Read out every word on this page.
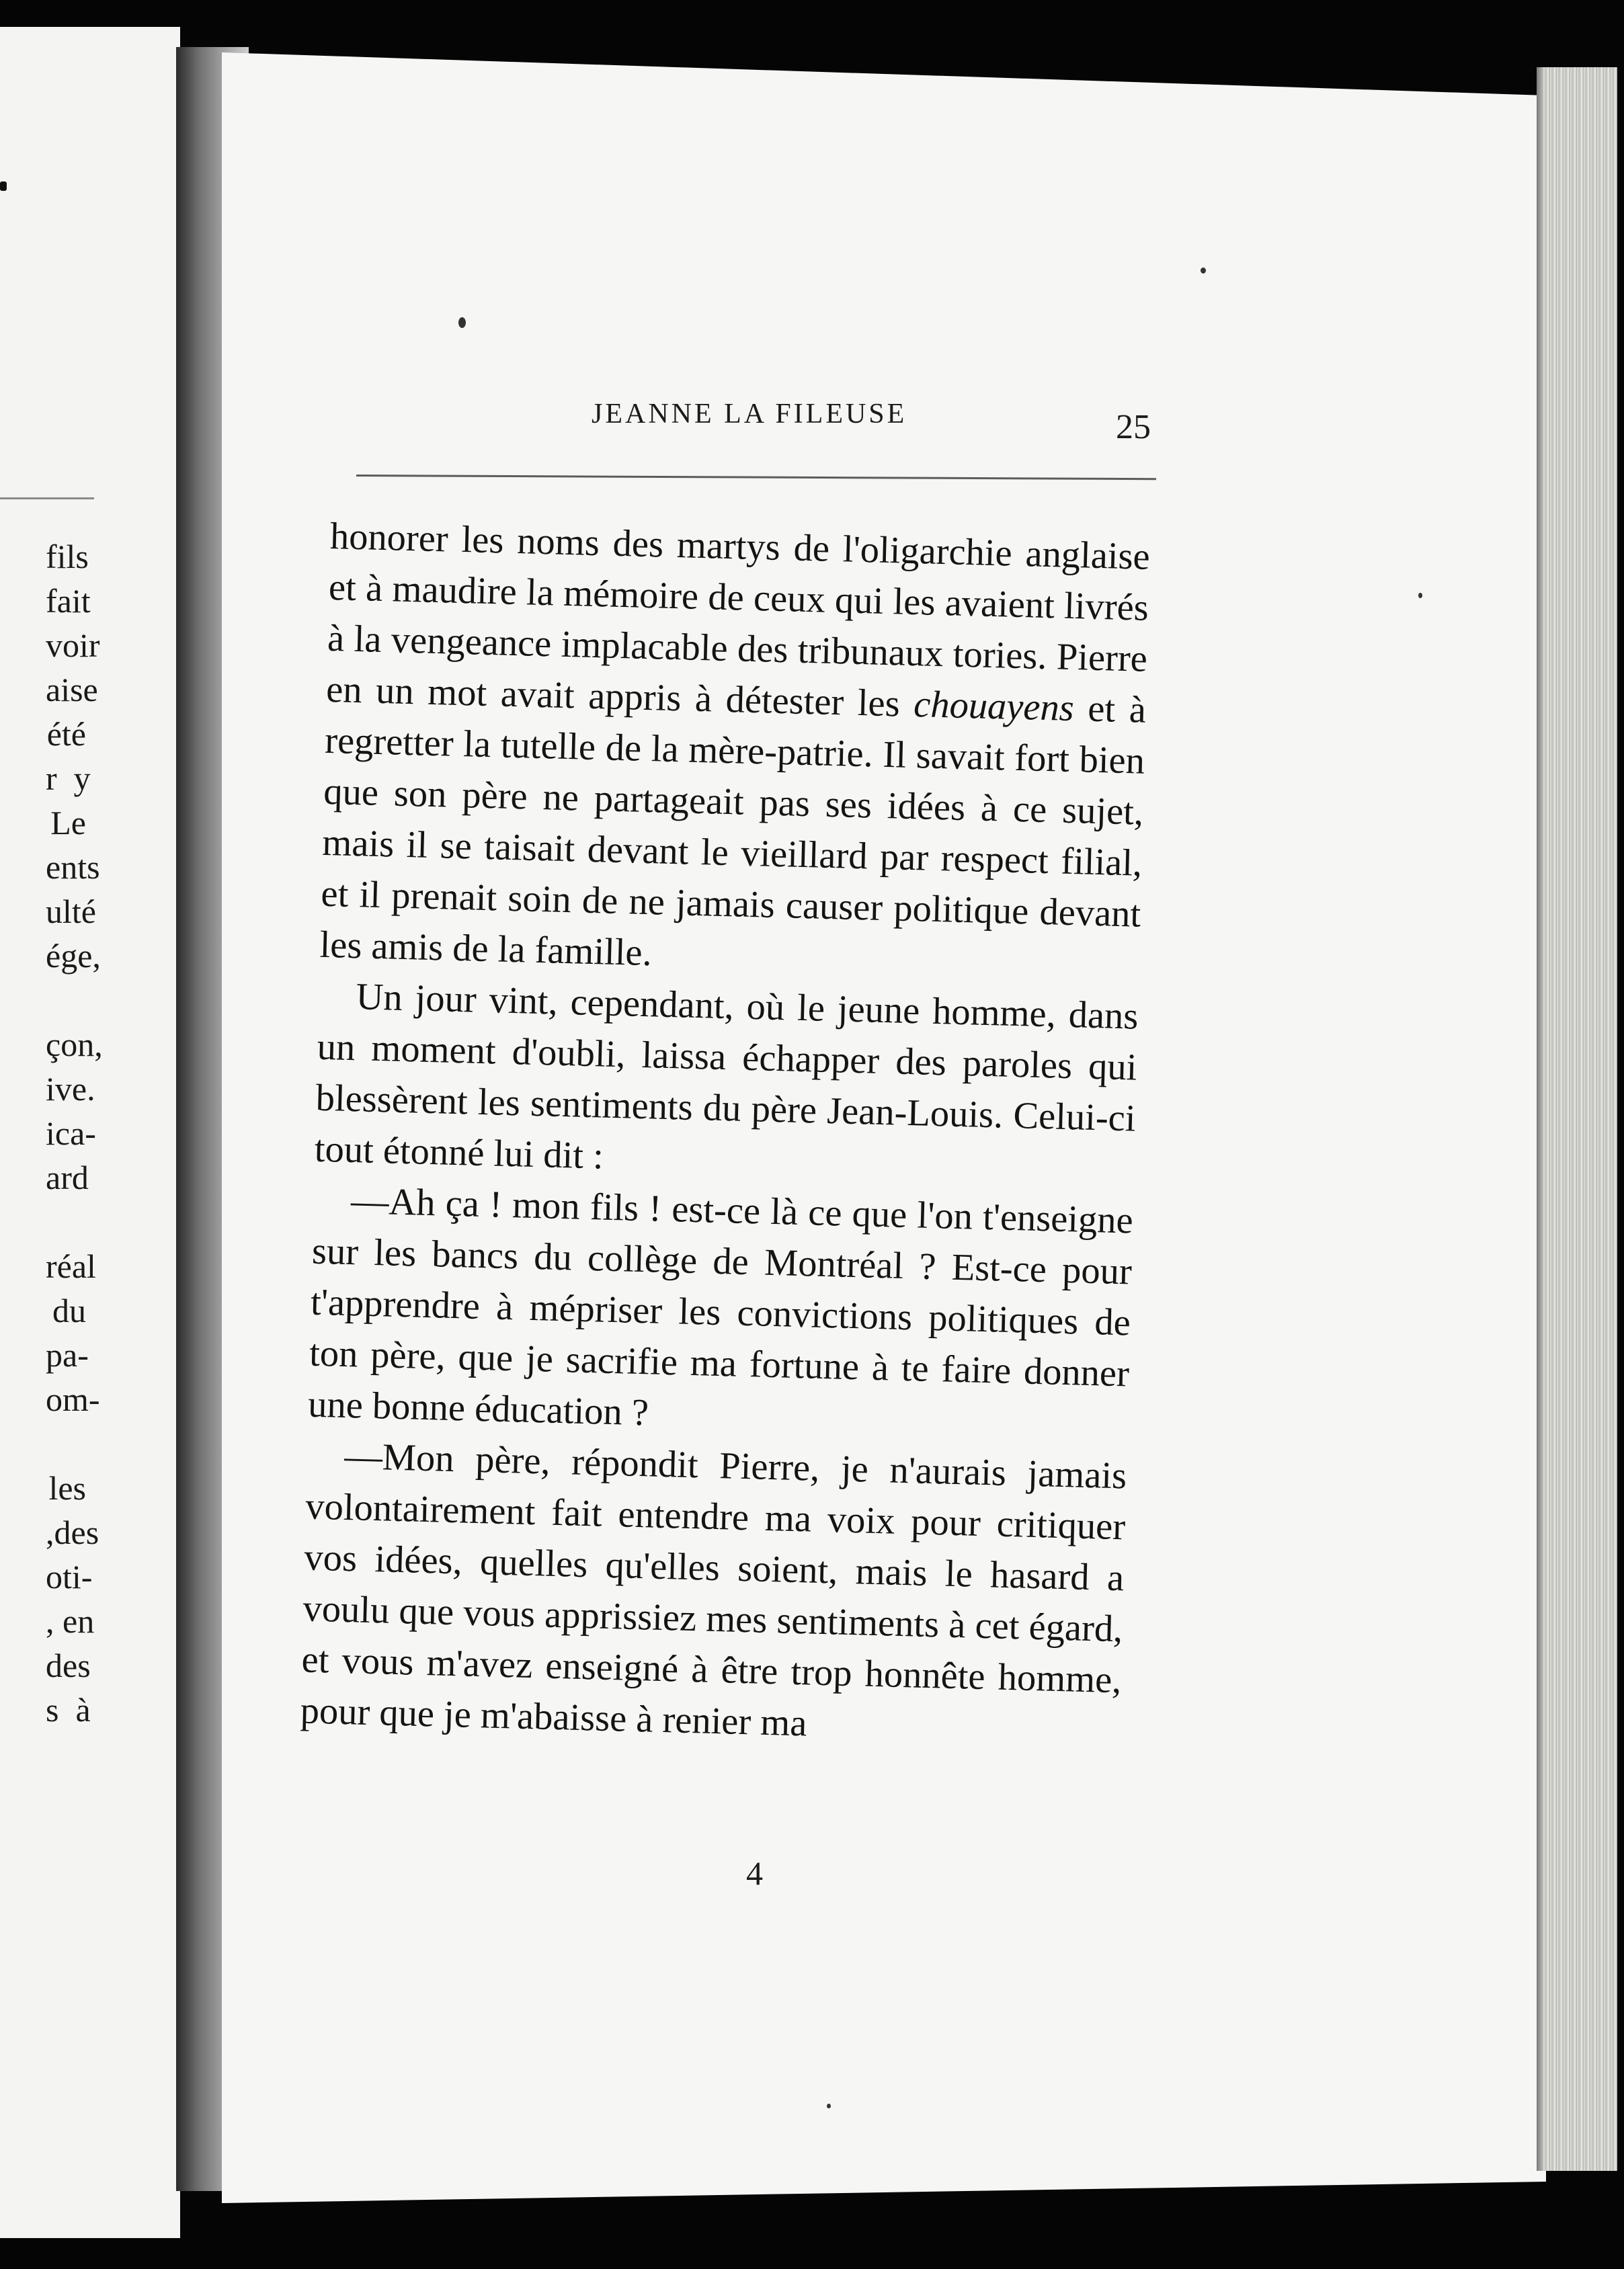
fils
fait
voir
aise
été
r  y
Le
ents
ulté
ége,

çon,
ive.
ica-
ard

réal
du
pa-
om-

les
,des
oti-
, en
des
s  à
JEANNE LA FILEUSE	25

honorer les noms des martys de l'oligarchie anglaise et à maudire la mémoire de ceux qui les avaient livrés à la vengeance implacable des tribunaux tories. Pierre en un mot avait appris à détester les chouayens et à regretter la tutelle de la mère-patrie. Il savait fort bien que son père ne partageait pas ses idées à ce sujet, mais il se taisait devant le vieillard par respect filial, et il prenait soin de ne jamais causer politique devant les amis de la famille.

Un jour vint, cependant, où le jeune homme, dans un moment d'oubli, laissa échapper des paroles qui blessèrent les sentiments du père Jean-Louis. Celui-ci tout étonné lui dit :

—Ah ça ! mon fils ! est-ce là ce que l'on t'enseigne sur les bancs du collège de Montréal ? Est-ce pour t'apprendre à mépriser les convictions politiques de ton père, que je sacrifie ma fortune à te faire donner une bonne éducation ?

—Mon père, répondit Pierre, je n'aurais jamais volontairement fait entendre ma voix pour critiquer vos idées, quelles qu'elles soient, mais le hasard a voulu que vous apprissiez mes sentiments à cet égard, et vous m'avez enseigné à être trop honnête homme, pour que je m'abaisse à renier ma

4
